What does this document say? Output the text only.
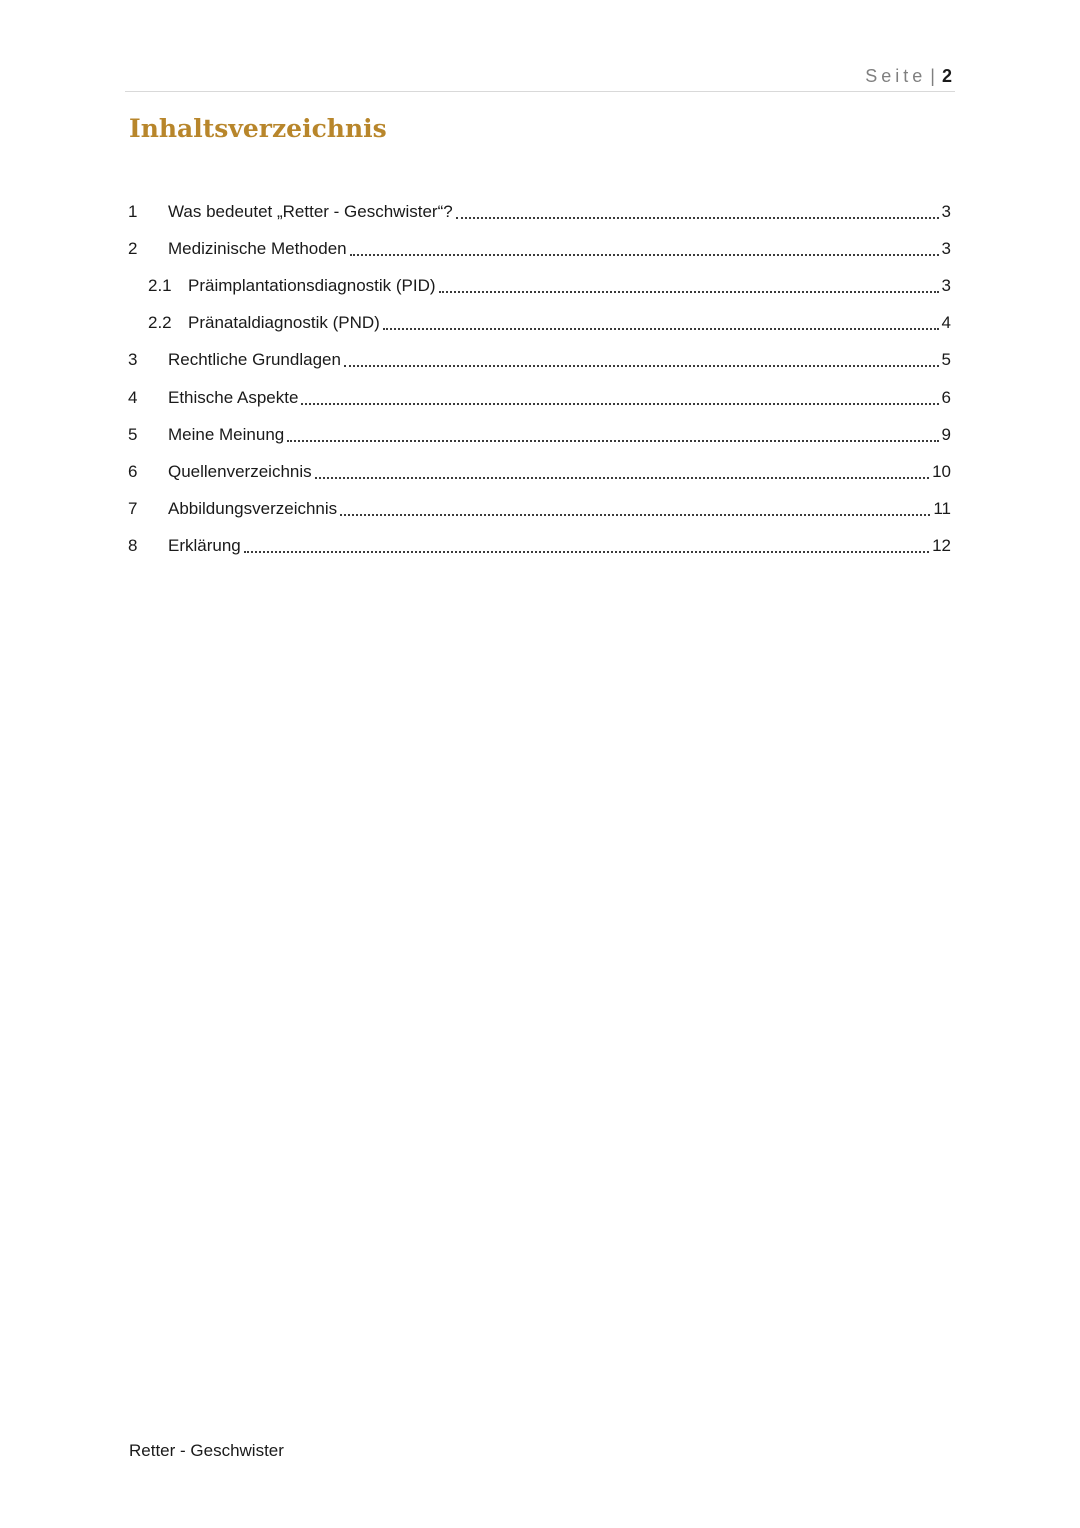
Seite | 2
Inhaltsverzeichnis
1	Was bedeutet „Retter - Geschwister“?	3
2	Medizinische Methoden	3
2.1 Präimplantationsdiagnostik (PID)	3
2.2 Pränataldiagnostik (PND)	4
3	Rechtliche Grundlagen	5
4	Ethische Aspekte	6
5	Meine Meinung	9
6	Quellenverzeichnis	10
7	Abbildungsverzeichnis	11
8	Erklärung	12
Retter - Geschwister
